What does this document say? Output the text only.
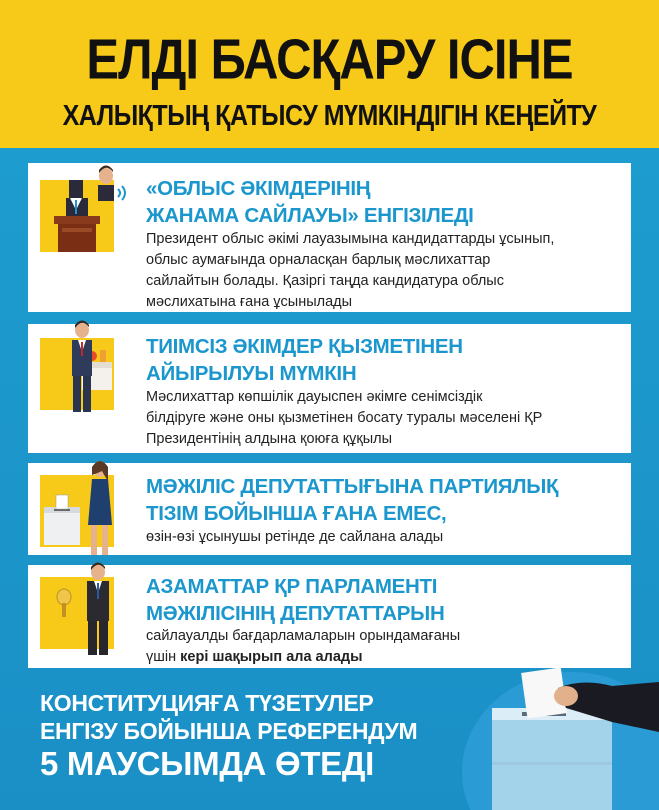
ЕЛДІ БАСҚАРУ ІСІНЕ
ХАЛЫҚТЫҢ ҚАТЫСУ МҮМКІНДІГІН КЕҢЕЙТУ
«ОБЛЫС ӘКІМДЕРІНІҢ
ЖАНАМА САЙЛАУЫ» ЕНГІЗІЛЕДІ
Президент облыс әкімі лауазымына кандидаттарды ұсынып,
облыс аумағында орналасқан барлық мәслихаттар
сайлайтын болады. Қазіргі таңда кандидатура облыс
мәслихатына ғана ұсынылады
ТИІМСІЗ ӘКІМДЕР ҚЫЗМЕТІНЕН
АЙЫРЫЛУЫ МҮМКІН
Мәслихаттар көпшілік дауыспен әкімге сенімсіздік
білдіруге және оны қызметінен босату туралы мәселені ҚР
Президентінің алдына қоюға құқылы
МӘЖІЛІС ДЕПУТАТТЫҒЫНА ПАРТИЯЛЫҚ
ТІЗІМ БОЙЫНША ҒАНА ЕМЕС,
өзін-өзі ұсынушы ретінде де сайлана алады
АЗАМАТТАР ҚР ПАРЛАМЕНТІ
МӘЖІЛІСІНІҢ ДЕПУТАТТАРЫН
сайлауалды бағдарламаларын орындамағаны
үшін кері шақырып ала алады
КОНСТИТУЦИЯҒА ТҮЗЕТУЛЕР
ЕНГІЗУ БОЙЫНША РЕФЕРЕНДУМ
5 МАУСЫМДА ӨТЕДІ
